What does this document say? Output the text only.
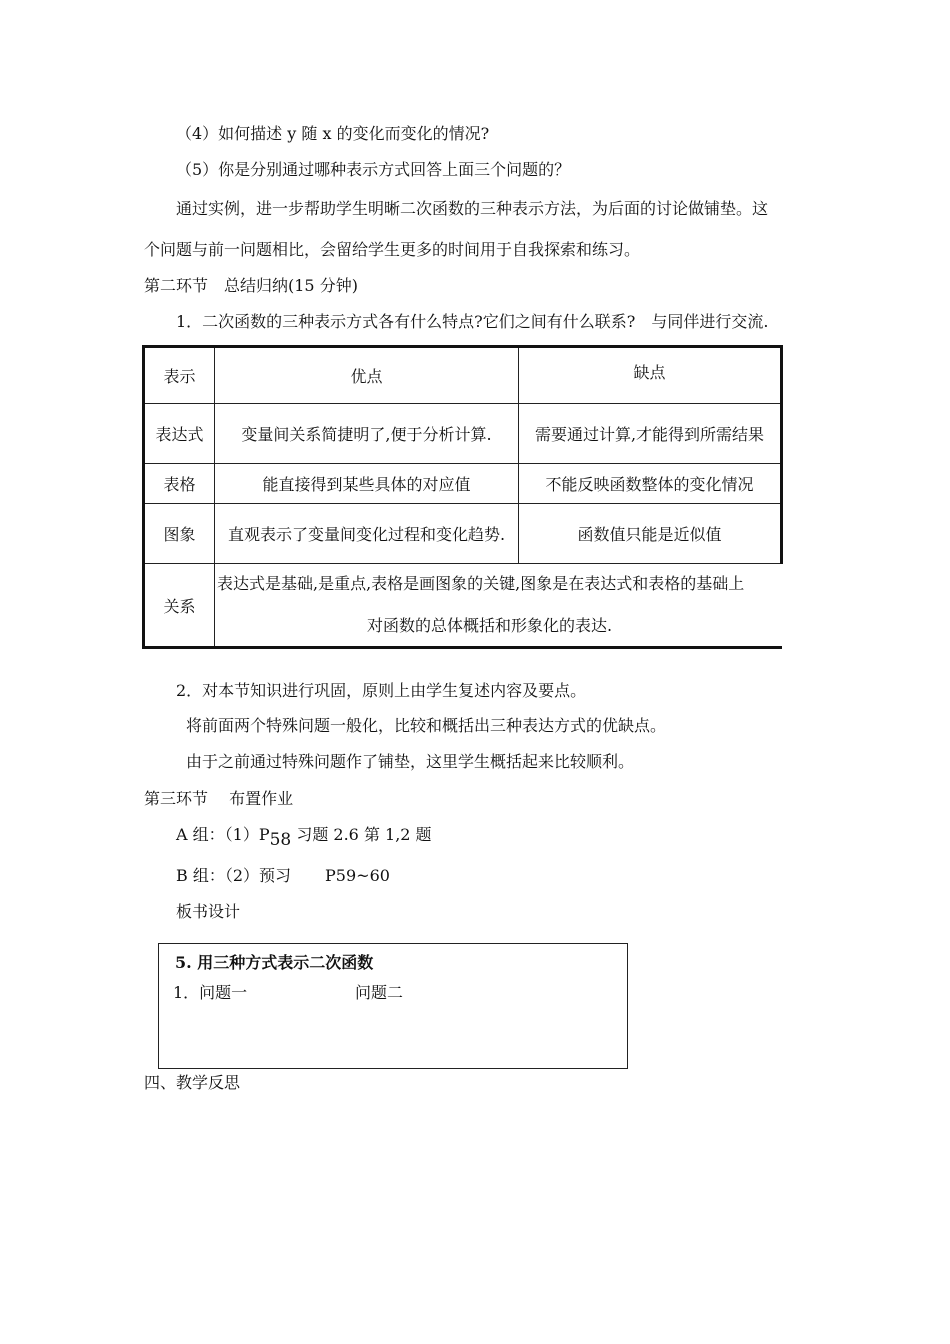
（4）如何描述 y 随 x 的变化而变化的情况?
（5）你是分别通过哪种表示方式回答上面三个问题的？
通过实例，进一步帮助学生明晰二次函数的三种表示方法，为后面的讨论做铺垫。这
个问题与前一问题相比，会留给学生更多的时间用于自我探索和练习。
第二环节　总结归纳(15 分钟)
1．二次函数的三种表示方式各有什么特点?它们之间有什么联系?　与同伴进行交流.
表示	优点	缺点
表达式	变量间关系简捷明了,便于分析计算.	需要通过计算,才能得到所需结果
表格	能直接得到某些具体的对应值	不能反映函数整体的变化情况
图象	直观表示了变量间变化过程和变化趋势.	函数值只能是近似值
关系	表达式是基础,是重点,表格是画图象的关键,图象是在表达式和表格的基础上
对函数的总体概括和形象化的表达.	
2．对本节知识进行巩固，原则上由学生复述内容及要点。
将前面两个特殊问题一般化，比较和概括出三种表达方式的优缺点。
由于之前通过特殊问题作了铺垫，这里学生概括起来比较顺利。
第三环节　 布置作业
A 组：（1）P58 习题 2.6 第 1,2 题
B 组：（2）预习 P59~60
板书设计
5. 用三种方式表示二次函数
1．问题一	问题二
四、教学反思
